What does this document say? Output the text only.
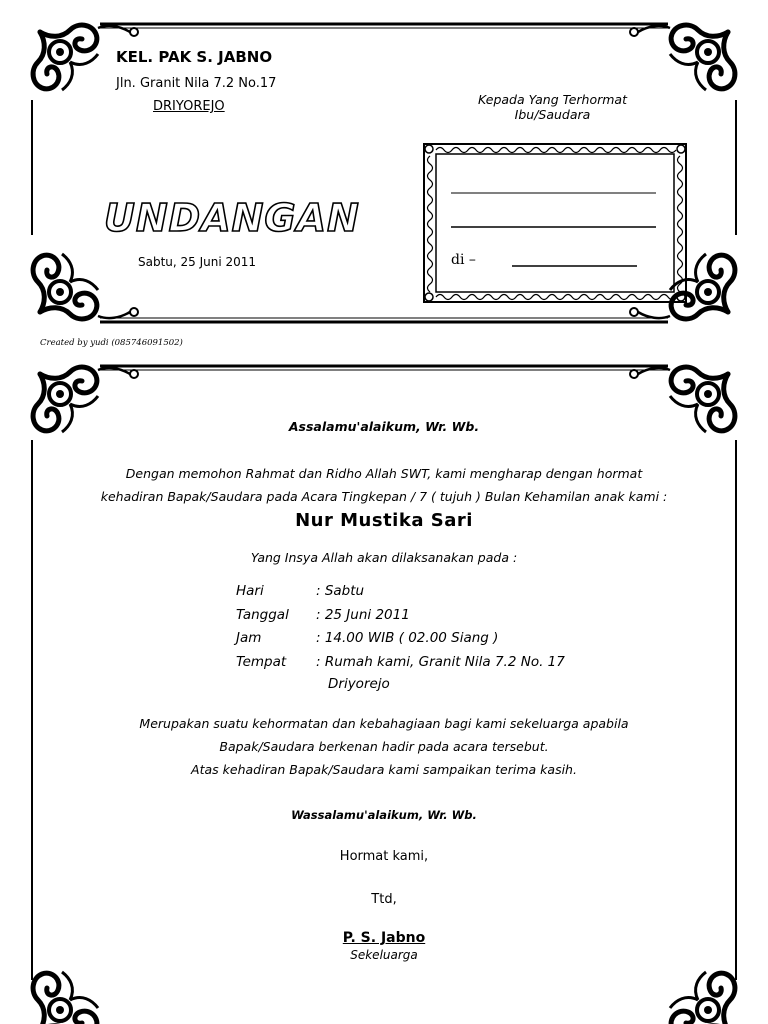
KEL. PAK S. JABNO
Jln. Granit Nila 7.2 No.17
DRIYOREJO	Kepada Yang Terhormat
Ibu/Saudara
UNDANGAN
Sabtu, 25 Juni 2011	di –
Created by yudi (085746091502)
Assalamu'alaikum, Wr. Wb.
Dengan memohon Rahmat dan Ridho Allah SWT, kami mengharap dengan hormat
kehadiran Bapak/Saudara pada Acara Tingkepan / 7 ( tujuh ) Bulan Kehamilan anak kami :
Nur Mustika Sari
Yang Insya Allah akan dilaksanakan pada :
Hari	: Sabtu
Tanggal : 25 Juni 2011
Jam	: 14.00 WIB ( 02.00 Siang )
Tempat : Rumah kami, Granit Nila 7.2 No. 17
Driyorejo
Merupakan suatu kehormatan dan kebahagiaan bagi kami sekeluarga apabila
Bapak/Saudara berkenan hadir pada acara tersebut.
Atas kehadiran Bapak/Saudara kami sampaikan terima kasih.
Wassalamu'alaikum, Wr. Wb.
Hormat kami,
Ttd,
P. S. Jabno
Sekeluarga
